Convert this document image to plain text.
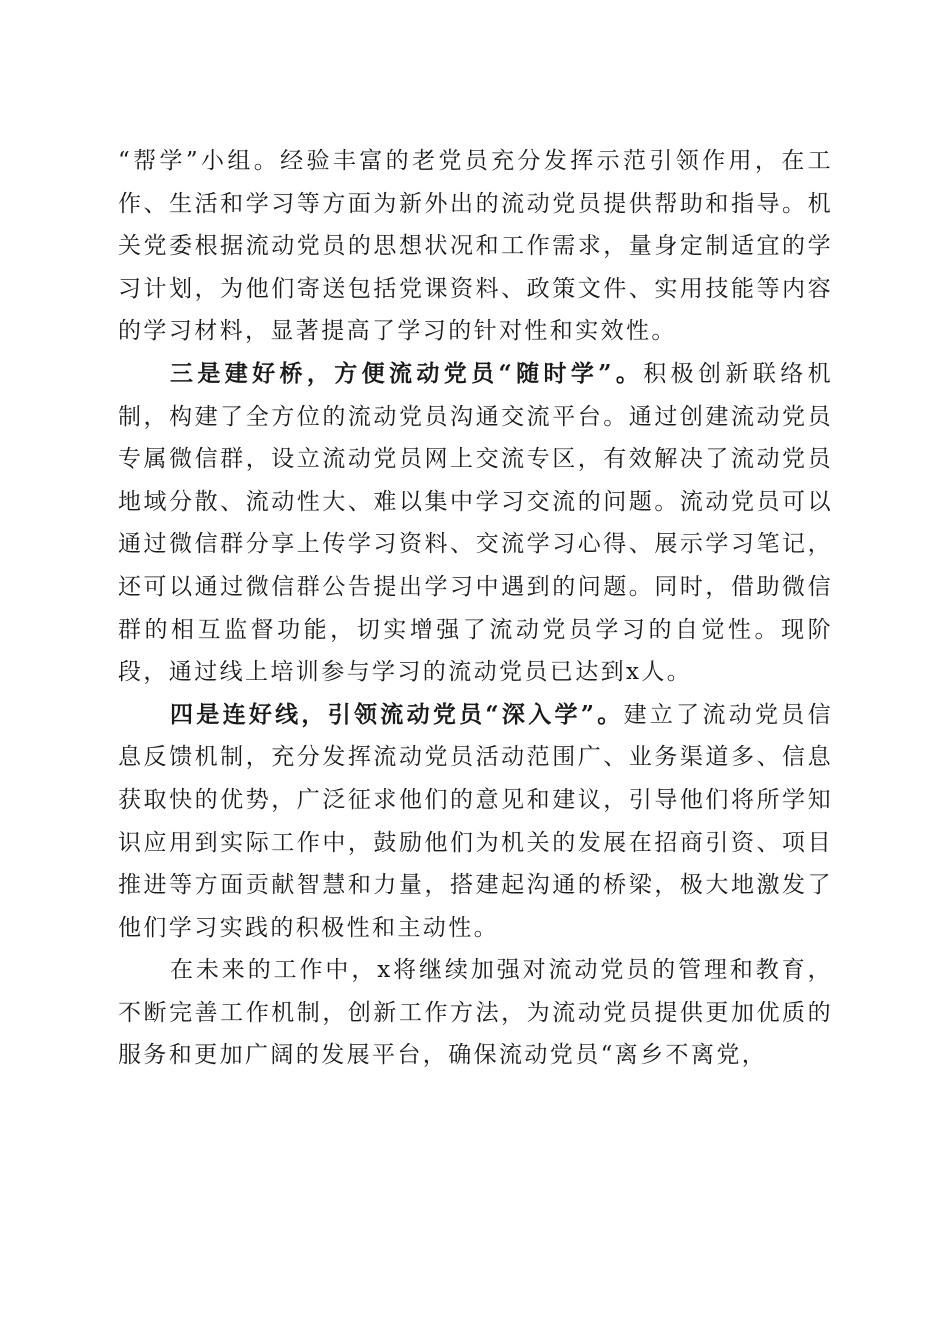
“帮学”小组。经验丰富的老党员充分发挥示范引领作用，在工作、生活和学习等方面为新外出的流动党员提供帮助和指导。机关党委根据流动党员的思想状况和工作需求，量身定制适宜的学习计划，为他们寄送包括党课资料、政策文件、实用技能等内容的学习材料，显著提高了学习的针对性和实效性。

三是建好桥，方便流动党员“随时学”。积极创新联络机制，构建了全方位的流动党员沟通交流平台。通过创建流动党员专属微信群，设立流动党员网上交流专区，有效解决了流动党员地域分散、流动性大、难以集中学习交流的问题。流动党员可以通过微信群分享上传学习资料、交流学习心得、展示学习笔记，还可以通过微信群公告提出学习中遇到的问题。同时，借助微信群的相互监督功能，切实增强了流动党员学习的自觉性。现阶段，通过线上培训参与学习的流动党员已达到x人。

四是连好线，引领流动党员“深入学”。建立了流动党员信息反馈机制，充分发挥流动党员活动范围广、业务渠道多、信息获取快的优势，广泛征求他们的意见和建议，引导他们将所学知识应用到实际工作中，鼓励他们为机关的发展在招商引资、项目推进等方面贡献智慧和力量，搭建起沟通的桥梁，极大地激发了他们学习实践的积极性和主动性。

在未来的工作中，x将继续加强对流动党员的管理和教育，不断完善工作机制，创新工作方法，为流动党员提供更加优质的服务和更加广阔的发展平台，确保流动党员“离乡不离党，
